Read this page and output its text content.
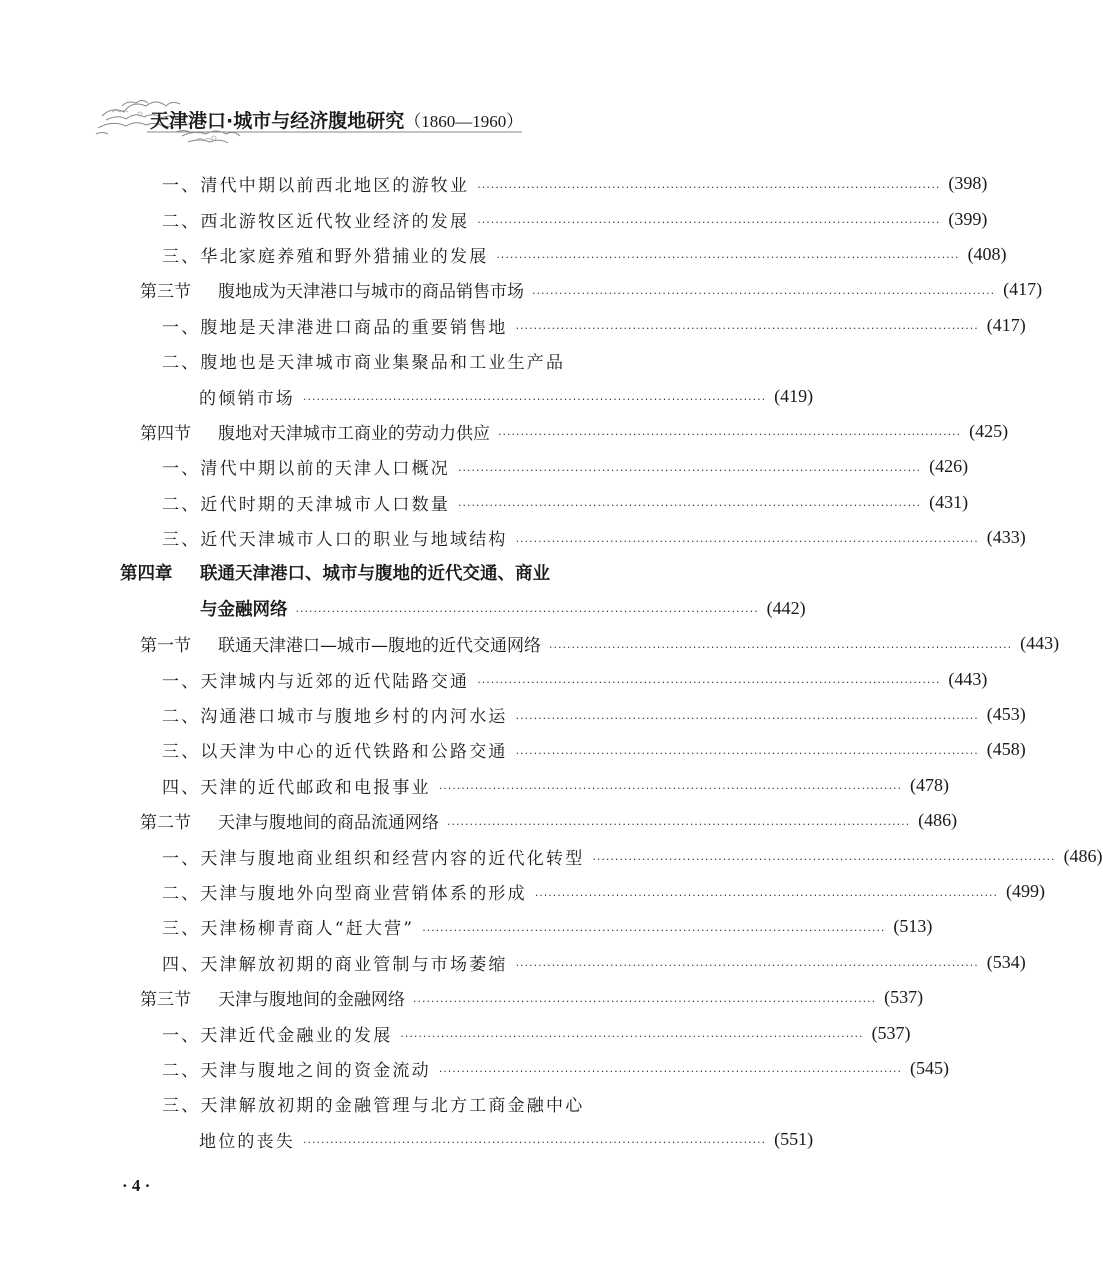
天津港口·城市与经济腹地研究（1860—1960）
一、清代中期以前西北地区的游牧业 ······································································································· (398)
二、西北游牧区近代牧业经济的发展 ······································································································· (399)
三、华北家庭养殖和野外猎捕业的发展 ······································································································· (408)
第三节 腹地成为天津港口与城市的商品销售市场 ······································································································· (417)
一、腹地是天津港进口商品的重要销售地 ······································································································· (417)
二、腹地也是天津城市商业集聚品和工业生产品
的倾销市场 ······································································································· (419)
第四节 腹地对天津城市工商业的劳动力供应 ······································································································· (425)
一、清代中期以前的天津人口概况 ······································································································· (426)
二、近代时期的天津城市人口数量 ······································································································· (431)
三、近代天津城市人口的职业与地域结构 ······································································································· (433)
第四章 联通天津港口、城市与腹地的近代交通、商业
与金融网络 ······································································································· (442)
第一节 联通天津港口—城市—腹地的近代交通网络 ······································································································· (443)
一、天津城内与近郊的近代陆路交通 ······································································································· (443)
二、沟通港口城市与腹地乡村的内河水运 ······································································································· (453)
三、以天津为中心的近代铁路和公路交通 ······································································································· (458)
四、天津的近代邮政和电报事业 ······································································································· (478)
第二节 天津与腹地间的商品流通网络 ······································································································· (486)
一、天津与腹地商业组织和经营内容的近代化转型 ······································································································· (486)
二、天津与腹地外向型商业营销体系的形成 ······································································································· (499)
三、天津杨柳青商人“赶大营” ······································································································· (513)
四、天津解放初期的商业管制与市场萎缩 ······································································································· (534)
第三节 天津与腹地间的金融网络 ······································································································· (537)
一、天津近代金融业的发展 ······································································································· (537)
二、天津与腹地之间的资金流动 ······································································································· (545)
三、天津解放初期的金融管理与北方工商金融中心
地位的丧失 ······································································································· (551)
· 4 ·
